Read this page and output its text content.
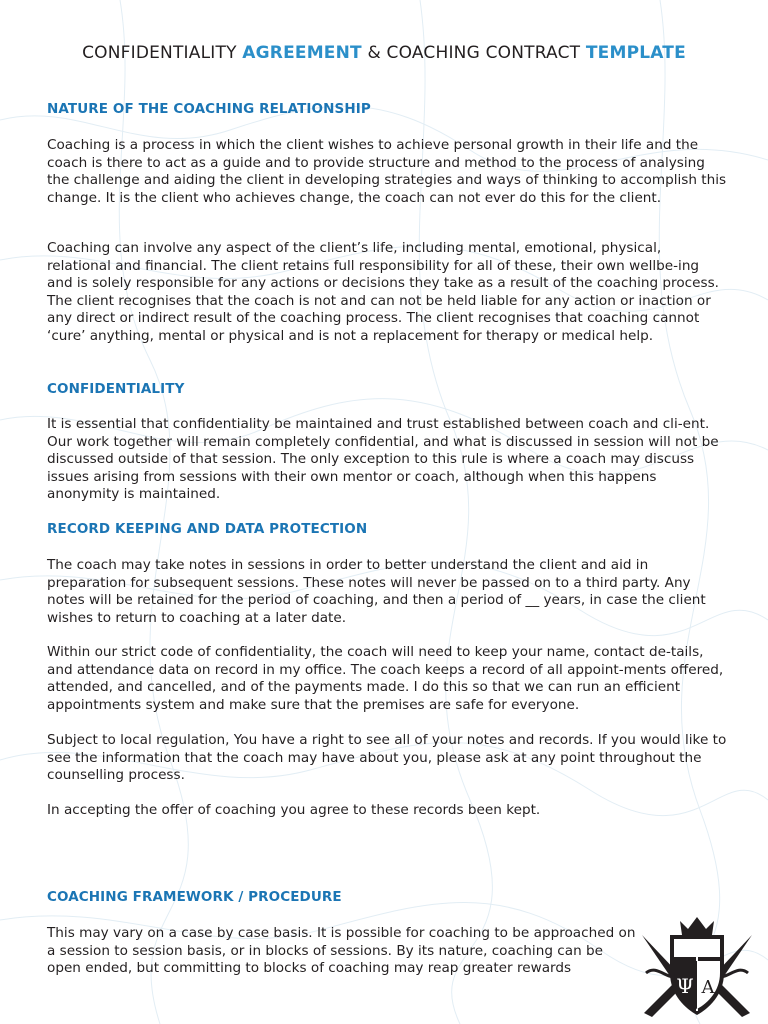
CONFIDENTIALITY AGREEMENT & COACHING CONTRACT TEMPLATE
NATURE OF THE COACHING RELATIONSHIP

Coaching is a process in which the client wishes to achieve personal growth in their life and the coach is there to act as a guide and to provide structure and method to the process of analysing the challenge and aiding the client in developing strategies and ways of thinking to accomplish this change. It is the client who achieves change, the coach can not ever do this for the client.

Coaching can involve any aspect of the client’s life, including mental, emotional, physical, relational and financial. The client retains full responsibility for all of these, their own wellbe-ing and is solely responsible for any actions or decisions they take as a result of the coaching process. The client recognises that the coach is not and can not be held liable for any action or inaction or any direct or indirect result of the coaching process. The client recognises that coaching cannot ‘cure’ anything, mental or physical and is not a replacement for therapy or medical help.

CONFIDENTIALITY

It is essential that confidentiality be maintained and trust established between coach and cli-ent. Our work together will remain completely confidential, and what is discussed in session will not be discussed outside of that session. The only exception to this rule is where a coach may discuss issues arising from sessions with their own mentor or coach, although when this happens anonymity is maintained.

RECORD KEEPING AND DATA PROTECTION

The coach may take notes in sessions in order to better understand the client and aid in preparation for subsequent sessions. These notes will never be passed on to a third party. Any notes will be retained for the period of coaching, and then a period of __ years, in case the client wishes to return to coaching at a later date.

Within our strict code of confidentiality, the coach will need to keep your name, contact de-tails, and attendance data on record in my office. The coach keeps a record of all appoint-ments offered, attended, and cancelled, and of the payments made. I do this so that we can run an efficient appointments system and make sure that the premises are safe for everyone.

Subject to local regulation, You have a right to see all of your notes and records. If you would like to see the information that the coach may have about you, please ask at any point throughout the counselling process.

In accepting the offer of coaching you agree to these records been kept.

COACHING FRAMEWORK / PROCEDURE

This may vary on a case by case basis. It is possible for coaching to be approached on a session to session basis, or in blocks of sessions. By its nature, coaching can be open ended, but committing to blocks of coaching may reap greater rewards

Ψ A
